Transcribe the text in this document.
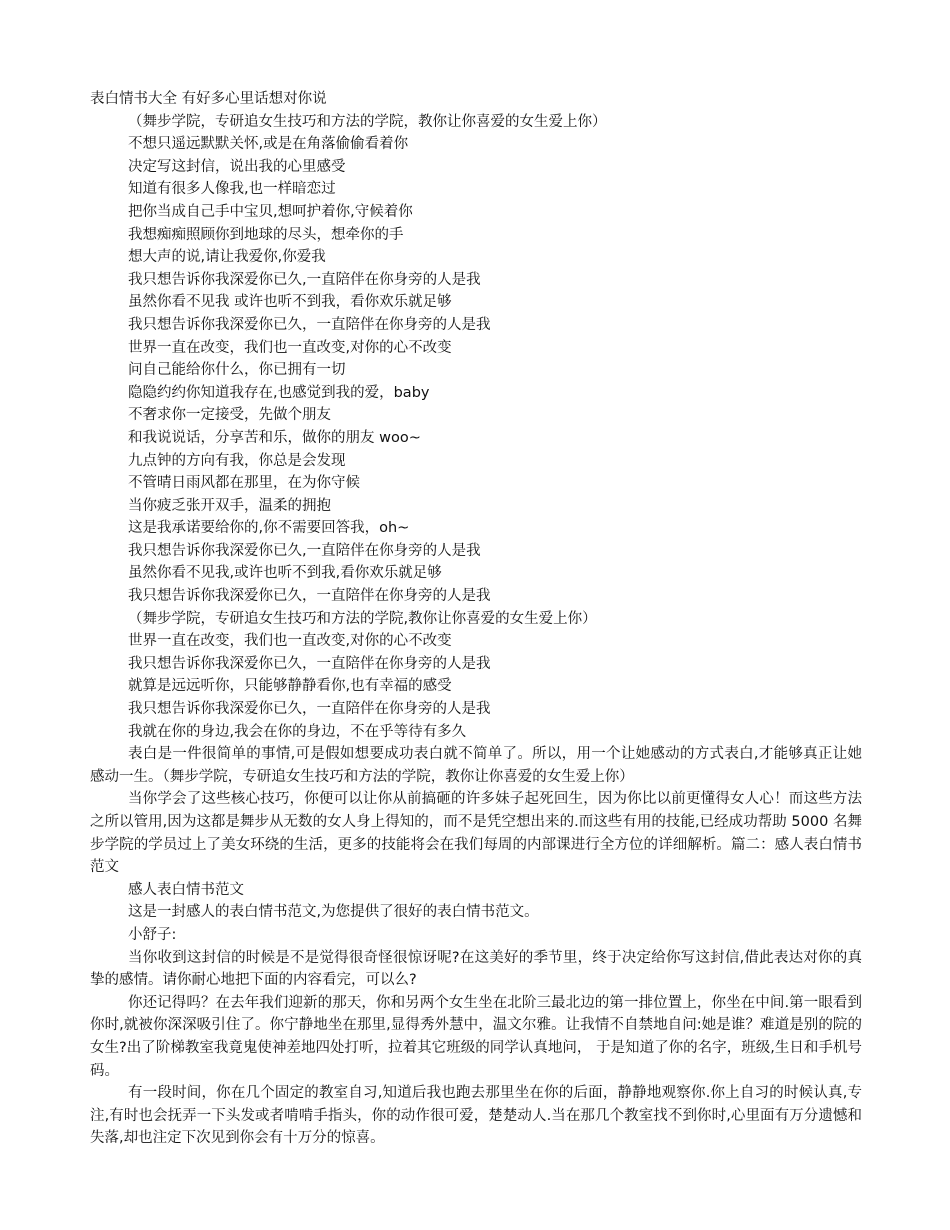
表白情书大全 有好多心里话想对你说
（舞步学院，专研追女生技巧和方法的学院，教你让你喜爱的女生爱上你）
不想只遥远默默关怀,或是在角落偷偷看着你
决定写这封信，说出我的心里感受
知道有很多人像我,也一样暗恋过
把你当成自己手中宝贝,想呵护着你,守候着你
我想痴痴照顾你到地球的尽头，想牵你的手
想大声的说,请让我爱你,你爱我
我只想告诉你我深爱你已久,一直陪伴在你身旁的人是我
虽然你看不见我 或许也听不到我，看你欢乐就足够
我只想告诉你我深爱你已久，一直陪伴在你身旁的人是我
世界一直在改变，我们也一直改变,对你的心不改变
问自己能给你什么，你已拥有一切
隐隐约约你知道我存在,也感觉到我的爱，baby
不奢求你一定接受，先做个朋友
和我说说话，分享苦和乐，做你的朋友 woo~
九点钟的方向有我，你总是会发现
不管晴日雨风都在那里，在为你守候
当你疲乏张开双手，温柔的拥抱
这是我承诺要给你的,你不需要回答我，oh~
我只想告诉你我深爱你已久,一直陪伴在你身旁的人是我
虽然你看不见我,或许也听不到我,看你欢乐就足够
我只想告诉你我深爱你已久，一直陪伴在你身旁的人是我
（舞步学院，专研追女生技巧和方法的学院,教你让你喜爱的女生爱上你）
世界一直在改变，我们也一直改变,对你的心不改变
我只想告诉你我深爱你已久，一直陪伴在你身旁的人是我
就算是远远听你，只能够静静看你,也有幸福的感受
我只想告诉你我深爱你已久，一直陪伴在你身旁的人是我
我就在你的身边,我会在你的身边，不在乎等待有多久

表白是一件很简单的事情,可是假如想要成功表白就不简单了。所以，用一个让她感动的方式表白,才能够真正让她感动一生。（舞步学院，专研追女生技巧和方法的学院，教你让你喜爱的女生爱上你）

当你学会了这些核心技巧，你便可以让你从前搞砸的许多妹子起死回生，因为你比以前更懂得女人心！而这些方法之所以管用,因为这都是舞步从无数的女人身上得知的，而不是凭空想出来的.而这些有用的技能,已经成功帮助 5000 名舞步学院的学员过上了美女环绕的生活，更多的技能将会在我们每周的内部课进行全方位的详细解析。篇二：感人表白情书范文

感人表白情书范文

这是一封感人的表白情书范文,为您提供了很好的表白情书范文。

小舒子:

当你收到这封信的时候是不是觉得很奇怪很惊讶呢?在这美好的季节里，终于决定给你写这封信,借此表达对你的真挚的感情。请你耐心地把下面的内容看完，可以么?

你还记得吗？在去年我们迎新的那天，你和另两个女生坐在北阶三最北边的第一排位置上，你坐在中间.第一眼看到你时,就被你深深吸引住了。你宁静地坐在那里,显得秀外慧中，温文尔雅。让我情不自禁地自问:她是谁？难道是别的院的女生?出了阶梯教室我竟鬼使神差地四处打听，拉着其它班级的同学认真地问， 于是知道了你的名字，班级,生日和手机号码。

有一段时间，你在几个固定的教室自习,知道后我也跑去那里坐在你的后面，静静地观察你.你上自习的时候认真,专注,有时也会抚弄一下头发或者啃啃手指头，你的动作很可爱，楚楚动人.当在那几个教室找不到你时,心里面有万分遗憾和失落,却也注定下次见到你会有十万分的惊喜。
